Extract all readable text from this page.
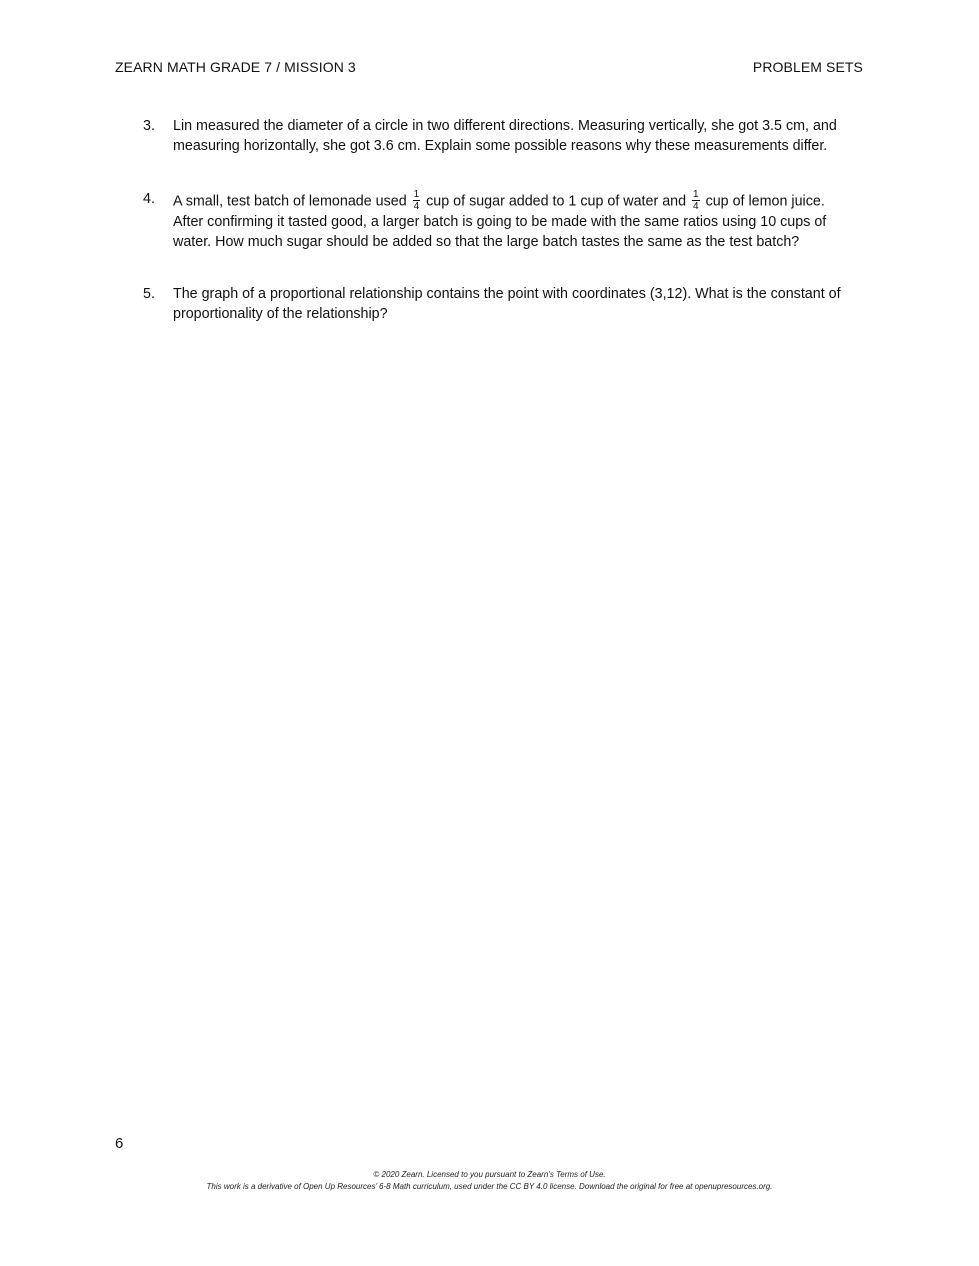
ZEARN MATH GRADE 7 / MISSION 3	PROBLEM SETS
3.	Lin measured the diameter of a circle in two different directions. Measuring vertically, she got 3.5 cm, and measuring horizontally, she got 3.6 cm. Explain some possible reasons why these measurements differ.

4.	A small, test batch of lemonade used $\frac{1}{4}$ cup of sugar added to 1 cup of water and $\frac{1}{4}$ cup of lemon juice.

After confirming it tasted good, a larger batch is going to be made with the same ratios using 10 cups of water. How much sugar should be added so that the large batch tastes the same as the test batch?

5.	The graph of a proportional relationship contains the point with coordinates (3,12). What is the constant of proportionality of the relationship?

6

© 2020 Zearn. Licensed to you pursuant to Zearn’s Terms of Use.

This work is a derivative of Open Up Resources’ 6-8 Math curriculum, used under the CC BY 4.0 license. Download the original for free at openupresources.org.
